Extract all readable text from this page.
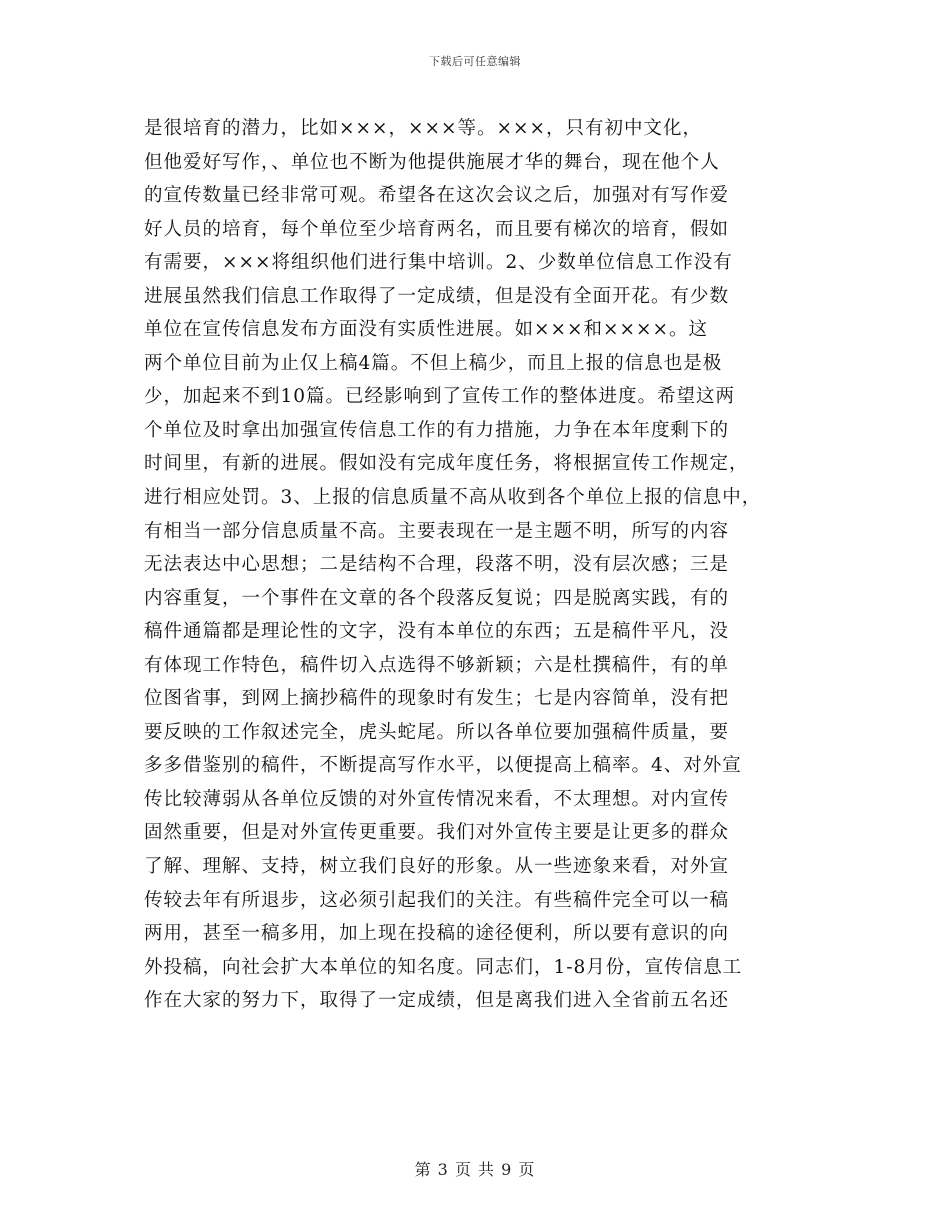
下载后可任意编辑
是很培育的潜力，比如×××，×××等。×××，只有初中文化，
但他爱好写作，、单位也不断为他提供施展才华的舞台，现在他个人
的宣传数量已经非常可观。希望各在这次会议之后，加强对有写作爱
好人员的培育，每个单位至少培育两名，而且要有梯次的培育，假如
有需要，×××将组织他们进行集中培训。2、少数单位信息工作没有
进展虽然我们信息工作取得了一定成绩，但是没有全面开花。有少数
单位在宣传信息发布方面没有实质性进展。如×××和××××。这
两个单位目前为止仅上稿4篇。不但上稿少，而且上报的信息也是极
少，加起来不到10篇。已经影响到了宣传工作的整体进度。希望这两
个单位及时拿出加强宣传信息工作的有力措施，力争在本年度剩下的
时间里，有新的进展。假如没有完成年度任务，将根据宣传工作规定，
进行相应处罚。3、上报的信息质量不高从收到各个单位上报的信息中，
有相当一部分信息质量不高。主要表现在一是主题不明，所写的内容
无法表达中心思想；二是结构不合理，段落不明，没有层次感；三是
内容重复，一个事件在文章的各个段落反复说；四是脱离实践，有的
稿件通篇都是理论性的文字，没有本单位的东西；五是稿件平凡，没
有体现工作特色，稿件切入点选得不够新颖；六是杜撰稿件，有的单
位图省事，到网上摘抄稿件的现象时有发生；七是内容简单，没有把
要反映的工作叙述完全，虎头蛇尾。所以各单位要加强稿件质量，要
多多借鉴别的稿件，不断提高写作水平，以便提高上稿率。4、对外宣
传比较薄弱从各单位反馈的对外宣传情况来看，不太理想。对内宣传
固然重要，但是对外宣传更重要。我们对外宣传主要是让更多的群众
了解、理解、支持，树立我们良好的形象。从一些迹象来看，对外宣
传较去年有所退步，这必须引起我们的关注。有些稿件完全可以一稿
两用，甚至一稿多用，加上现在投稿的途径便利，所以要有意识的向
外投稿，向社会扩大本单位的知名度。同志们，1-8月份，宣传信息工
作在大家的努力下，取得了一定成绩，但是离我们进入全省前五名还
第 3 页 共 9 页
